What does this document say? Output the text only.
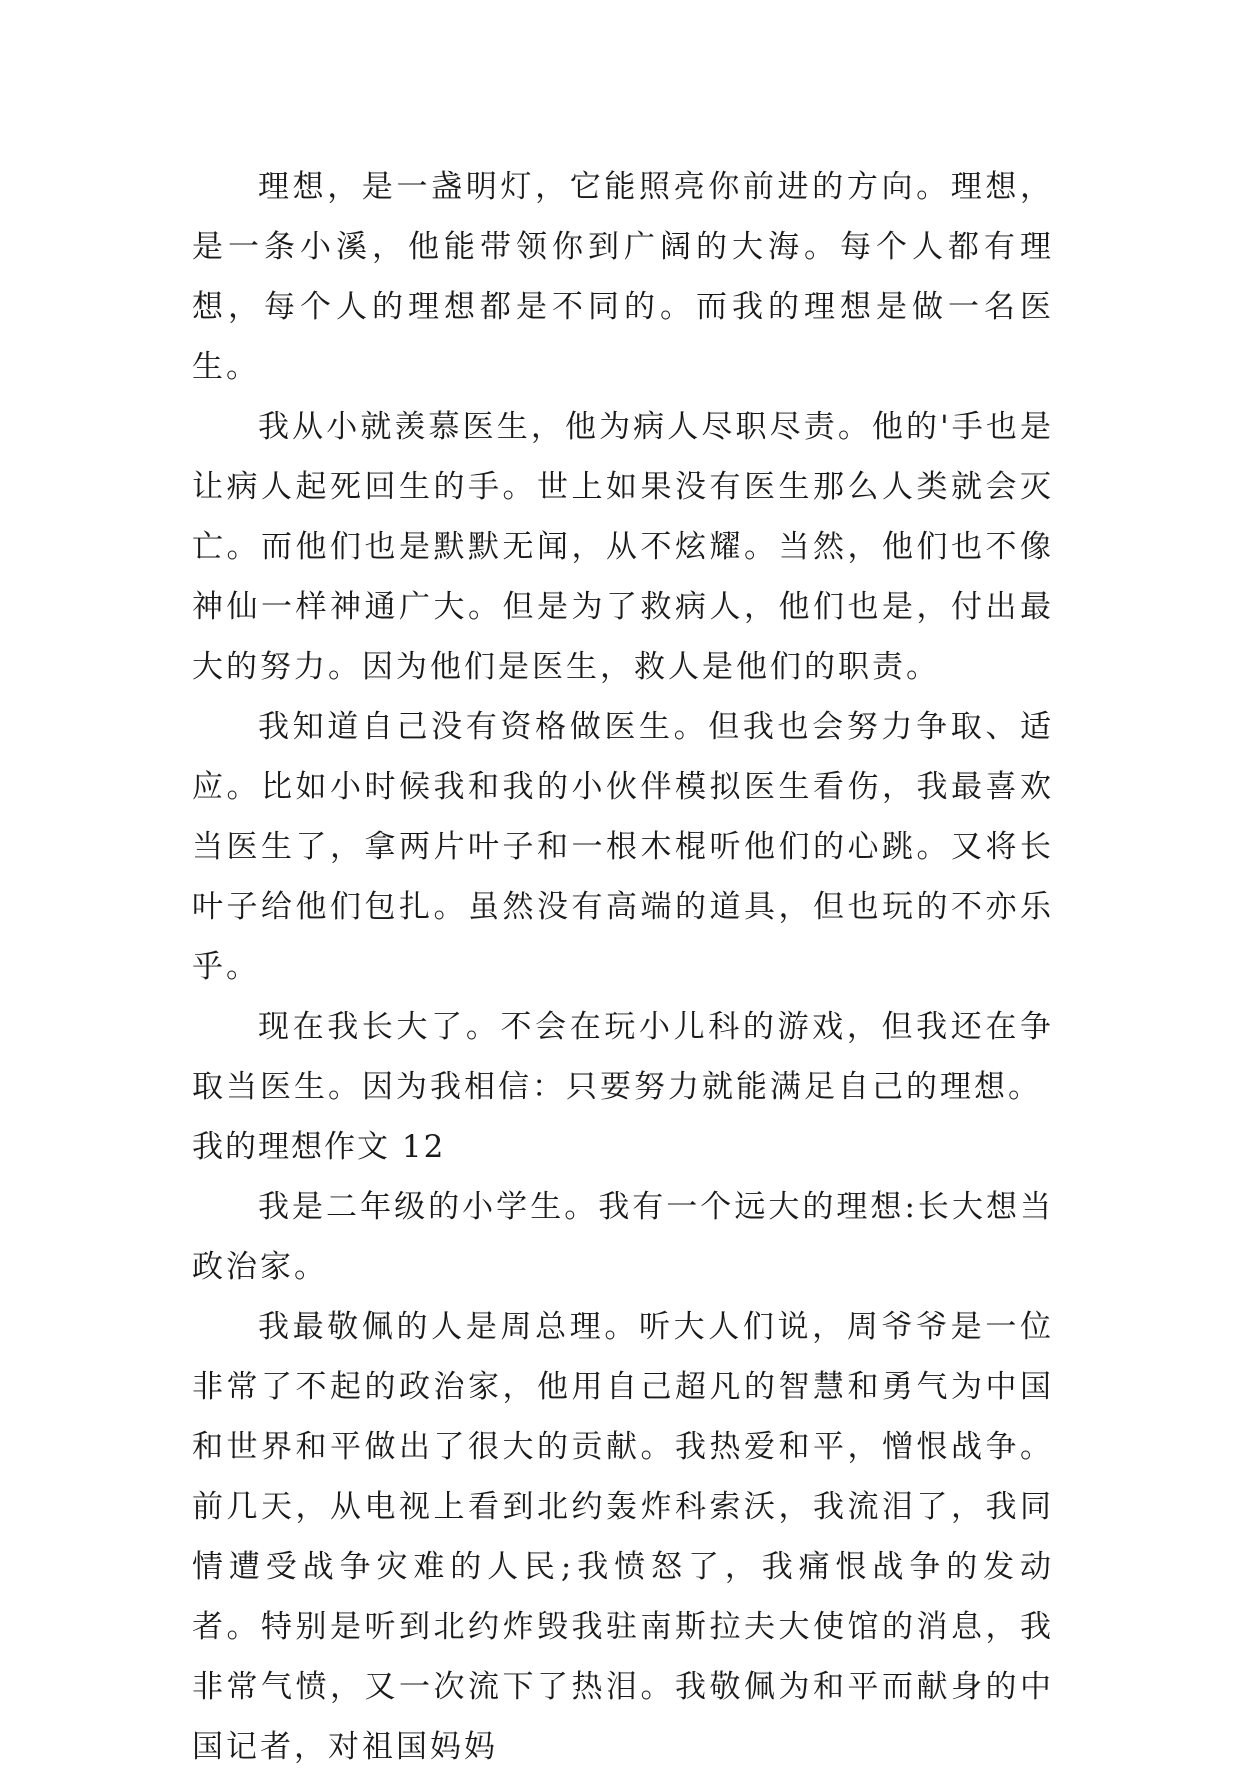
理想，是一盏明灯，它能照亮你前进的方向。理想，是一条小溪，他能带领你到广阔的大海。每个人都有理想，每个人的理想都是不同的。而我的理想是做一名医生。

我从小就羡慕医生，他为病人尽职尽责。他的'手也是让病人起死回生的手。世上如果没有医生那么人类就会灭亡。而他们也是默默无闻，从不炫耀。当然，他们也不像神仙一样神通广大。但是为了救病人，他们也是，付出最大的努力。因为他们是医生，救人是他们的职责。

我知道自己没有资格做医生。但我也会努力争取、适应。比如小时候我和我的小伙伴模拟医生看伤，我最喜欢当医生了，拿两片叶子和一根木棍听他们的心跳。又将长叶子给他们包扎。虽然没有高端的道具，但也玩的不亦乐乎。

现在我长大了。不会在玩小儿科的游戏，但我还在争取当医生。因为我相信：只要努力就能满足自己的理想。

我的理想作文 12

我是二年级的小学生。我有一个远大的理想:长大想当政治家。

我最敬佩的人是周总理。听大人们说，周爷爷是一位非常了不起的政治家，他用自己超凡的智慧和勇气为中国和世界和平做出了很大的贡献。我热爱和平，憎恨战争。前几天，从电视上看到北约轰炸科索沃，我流泪了，我同情遭受战争灾难的人民;我愤怒了，我痛恨战争的发动者。特别是听到北约炸毁我驻南斯拉夫大使馆的消息，我非常气愤，又一次流下了热泪。我敬佩为和平而献身的中国记者，对祖国妈妈
